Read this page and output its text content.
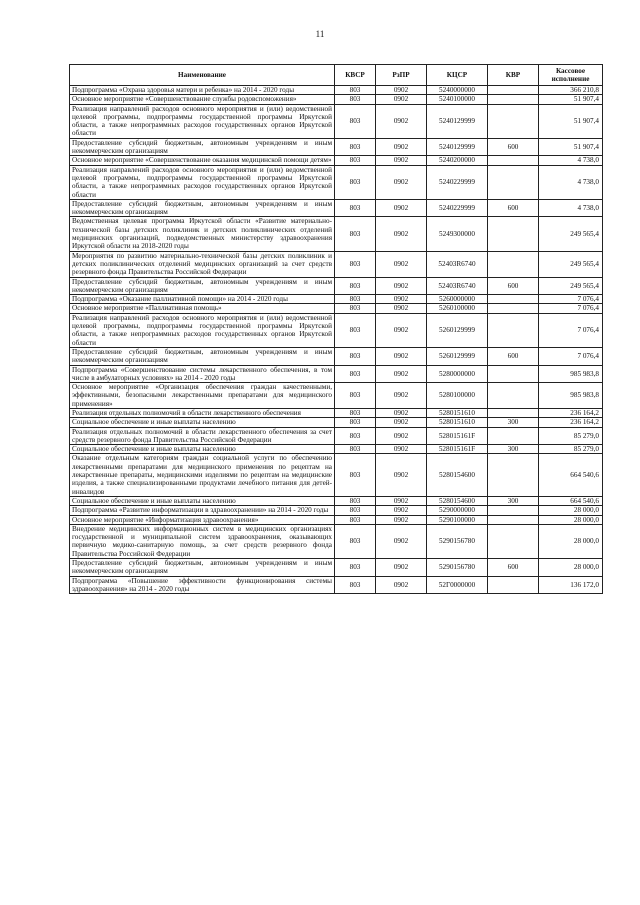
11
Наименование	КВСР	РзПР	КЦСР	КВР	Кассовое исполнение
Подпрограмма «Охрана здоровья матери и ребенка» на 2014 - 2020 годы	803	0902	5240000000		366 210,8
Основное мероприятие «Совершенствование службы родовспоможения»	803	0902	5240100000		51 907,4
Реализация направлений расходов основного мероприятия и (или) ведомственной целевой программы, подпрограммы государственной программы Иркутской области, а также непрограммных расходов государственных органов Иркутской области	803	0902	5240129999		51 907,4
Предоставление субсидий бюджетным, автономным учреждениям и иным некоммерческим организациям	803	0902	5240129999	600	51 907,4
Основное мероприятие «Совершенствование оказания медицинской помощи детям»	803	0902	5240200000		4 738,0
Реализация направлений расходов основного мероприятия и (или) ведомственной целевой программы, подпрограммы государственной программы Иркутской области, а также непрограммных расходов государственных органов Иркутской области	803	0902	5240229999		4 738,0
Предоставление субсидий бюджетным, автономным учреждениям и иным некоммерческим организациям	803	0902	5240229999	600	4 738,0
Ведомственная целевая программа Иркутской области «Развитие материально-технической базы детских поликлиник и детских поликлинических отделений медицинских организаций, подведомственных министерству здравоохранения Иркутской области на 2018-2020 годы	803	0902	5249300000		249 565,4
Мероприятия по развитию материально-технической базы детских поликлиник и детских поликлинических отделений медицинских организаций за счет средств резервного фонда Правительства Российской Федерации	803	0902	52403R6740		249 565,4
Предоставление субсидий бюджетным, автономным учреждениям и иным некоммерческим организациям	803	0902	52403R6740	600	249 565,4
Подпрограмма «Оказание паллиативной помощи» на 2014 - 2020 годы	803	0902	5260000000		7 076,4
Основное мероприятие «Паллиативная помощь»	803	0902	5260100000		7 076,4
Реализация направлений расходов основного мероприятия и (или) ведомственной целевой программы, подпрограммы государственной программы Иркутской области, а также непрограммных расходов государственных органов Иркутской области	803	0902	5260129999		7 076,4
Предоставление субсидий бюджетным, автономным учреждениям и иным некоммерческим организациям	803	0902	5260129999	600	7 076,4
Подпрограмма «Совершенствование системы лекарственного обеспечения, в том числе в амбулаторных условиях» на 2014 - 2020 годы	803	0902	5280000000		985 983,8
Основное мероприятие «Организация обеспечения граждан качественными, эффективными, безопасными лекарственными препаратами для медицинского применения»	803	0902	5280100000		985 983,8
Реализация отдельных полномочий в области лекарственного обеспечения	803	0902	5280151610		236 164,2
Социальное обеспечение и иные выплаты населению	803	0902	5280151610	300	236 164,2
Реализация отдельных полномочий в области лекарственного обеспечения за счет средств резервного фонда Правительства Российской Федерации	803	0902	528015161F		85 279,0
Социальное обеспечение и иные выплаты населению	803	0902	528015161F	300	85 279,0
Оказание отдельным категориям граждан социальной услуги по обеспечению лекарственными препаратами для медицинского применения по рецептам на лекарственные препараты, медицинскими изделиями по рецептам на медицинские изделия, а также специализированными продуктами лечебного питания для детей-инвалидов	803	0902	5280154600		664 540,6
Социальное обеспечение и иные выплаты населению	803	0902	5280154600	300	664 540,6
Подпрограмма «Развитие информатизации в здравоохранении» на 2014 - 2020 годы	803	0902	5290000000		28 000,0
Основное мероприятие «Информатизация здравоохранения»	803	0902	5290100000		28 000,0
Внедрение медицинских информационных систем в медицинских организациях государственной и муниципальной систем здравоохранения, оказывающих первичную медико-санитарную помощь, за счет средств резервного фонда Правительства Российской Федерации	803	0902	5290156780		28 000,0
Предоставление субсидий бюджетным, автономным учреждениям и иным некоммерческим организациям	803	0902	5290156780	600	28 000,0
Подпрограмма «Повышение эффективности функционирования системы здравоохранения» на 2014 - 2020 годы	803	0902	52Г0000000		136 172,0
